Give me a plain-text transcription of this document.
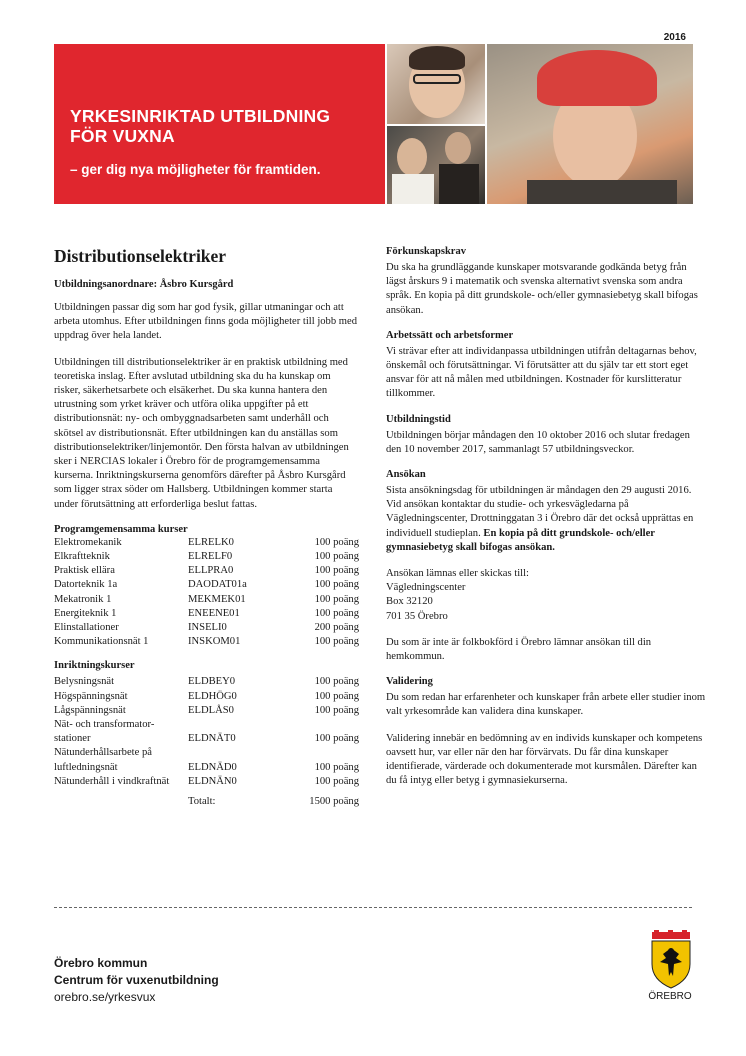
2016
YRKESINRIKTAD UTBILDNING
FÖR VUXNA
– ger dig nya möjligheter för framtiden.
Distributionselektriker
Utbildningsanordnare: Åsbro Kursgård

Utbildningen passar dig som har god fysik, gillar utmaningar och att arbeta utomhus. Efter utbildningen finns goda möjligheter till jobb med uppdrag över hela landet.

Utbildningen till distributionselektriker är en praktisk utbildning med teoretiska inslag. Efter avslutad utbildning ska du ha kunskap om risker, säkerhetsarbete och elsäkerhet. Du ska kunna hantera den utrustning som yrket kräver och utföra olika uppgifter på ett distributionsnät: ny- och ombyggnadsarbeten samt underhåll och skötsel av distributionsnät. Efter utbildningen kan du anställas som distributionselektriker/linjemontör. Den första halvan av utbildningen sker i NERCIAS lokaler i Örebro för de programgemensamma kurserna. Inriktningskurserna genomförs därefter på Åsbro Kursgård som ligger strax söder om Hallsberg. Utbildningen kommer starta under förutsättning att erforderliga beslut fattas.

Programgemensamma kurser
Elektromekanik	ELRELK0	100 poäng
Elkraftteknik	ELRELF0	100 poäng
Praktisk ellära	ELLPRA0	100 poäng
Datorteknik 1a	DAODAT01a	100 poäng
Mekatronik 1	MEKMEK01	100 poäng
Energiteknik 1	ENEENE01	100 poäng
Elinstallationer	INSELI0	200 poäng
Kommunikationsnät 1	INSKOM01	100 poäng
Inriktningskurser
Belysningsnät	ELDBEY0	100 poäng
Högspänningsnät	ELDHÖG0	100 poäng
Lågspänningsnät	ELDLÅS0	100 poäng
Nät- och transformator-stationer	ELDNÄT0	100 poäng
Nätunderhållsarbete på luftledningsnät	ELDNÄD0	100 poäng
Nätunderhåll i vindkraftnät	ELDNÄN0	100 poäng
Totalt:	1500 poäng
Förkunskapskrav

Du ska ha grundläggande kunskaper motsvarande godkända betyg från lägst årskurs 9 i matematik och svenska alternativt svenska som andra språk. En kopia på ditt grundskole- och/eller gymnasiebetyg skall bifogas ansökan.

Arbetssätt och arbetsformer

Vi strävar efter att individanpassa utbildningen utifrån deltagarnas behov, önskemål och förutsättningar. Vi förutsätter att du själv tar ett stort eget ansvar för att nå målen med utbildningen. Kostnader för kurslitteratur tillkommer.

Utbildningstid

Utbildningen börjar måndagen den 10 oktober 2016 och slutar fredagen den 10 november 2017, sammanlagt 57 utbildningsveckor.

Ansökan

Sista ansökningsdag för utbildningen är måndagen den 29 augusti 2016. Vid ansökan kontaktar du studie- och yrkesvägledarna på Vägledningscenter, Drottninggatan 3 i Örebro där det också upprättas en individuell studieplan. En kopia på ditt grundskole- och/eller gymnasiebetyg skall bifogas ansökan.

Ansökan lämnas eller skickas till:

Vägledningscenter

Box 32120

701 35 Örebro

Du som är inte är folkbokförd i Örebro lämnar ansökan till din hemkommun.

Validering

Du som redan har erfarenheter och kunskaper från arbete eller studier inom valt yrkesområde kan validera dina kunskaper.

Validering innebär en bedömning av en individs kunskaper och kompetens oavsett hur, var eller när den har förvärvats. Du får dina kunskaper identifierade, värderade och dokumenterade mot kursmålen. Därefter kan du få intyg eller betyg i gymnasiekurserna.

Örebro kommun
Centrum för vuxenutbildning
orebro.se/yrkesvux	ÖREBRO
